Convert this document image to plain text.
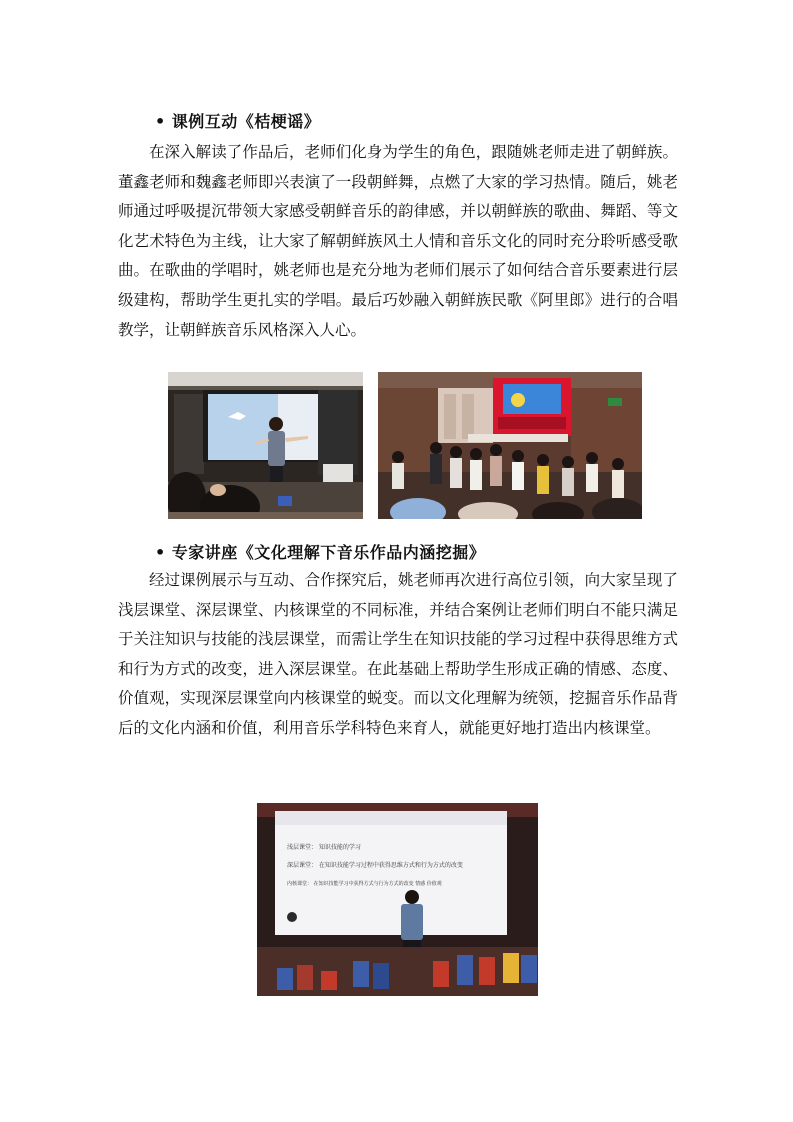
• 课例互动《桔梗谣》

在深入解读了作品后，老师们化身为学生的角色，跟随姚老师走进了朝鲜族。董鑫老师和魏鑫老师即兴表演了一段朝鲜舞，点燃了大家的学习热情。随后，姚老师通过呼吸提沉带领大家感受朝鲜音乐的韵律感，并以朝鲜族的歌曲、舞蹈、等文化艺术特色为主线，让大家了解朝鲜族风土人情和音乐文化的同时充分聆听感受歌曲。在歌曲的学唱时，姚老师也是充分地为老师们展示了如何结合音乐要素进行层级建构，帮助学生更扎实的学唱。最后巧妙融入朝鲜族民歌《阿里郎》进行的合唱教学，让朝鲜族音乐风格深入人心。

• 专家讲座《文化理解下音乐作品内涵挖掘》

经过课例展示与互动、合作探究后，姚老师再次进行高位引领，向大家呈现了浅层课堂、深层课堂、内核课堂的不同标准，并结合案例让老师们明白不能只满足于关注知识与技能的浅层课堂，而需让学生在知识技能的学习过程中获得思维方式和行为方式的改变，进入深层课堂。在此基础上帮助学生形成正确的情感、态度、价值观，实现深层课堂向内核课堂的蜕变。而以文化理解为统领，挖掘音乐作品背后的文化内涵和价值，利用音乐学科特色来育人，就能更好地打造出内核课堂。

浅层课堂： 知识技能的学习
深层课堂： 在知识技能学习过程中获得思维方式和行为方式的改变
内核课堂： 在知识技能学习中获得方式与行为方式的改变 情感 价值观
